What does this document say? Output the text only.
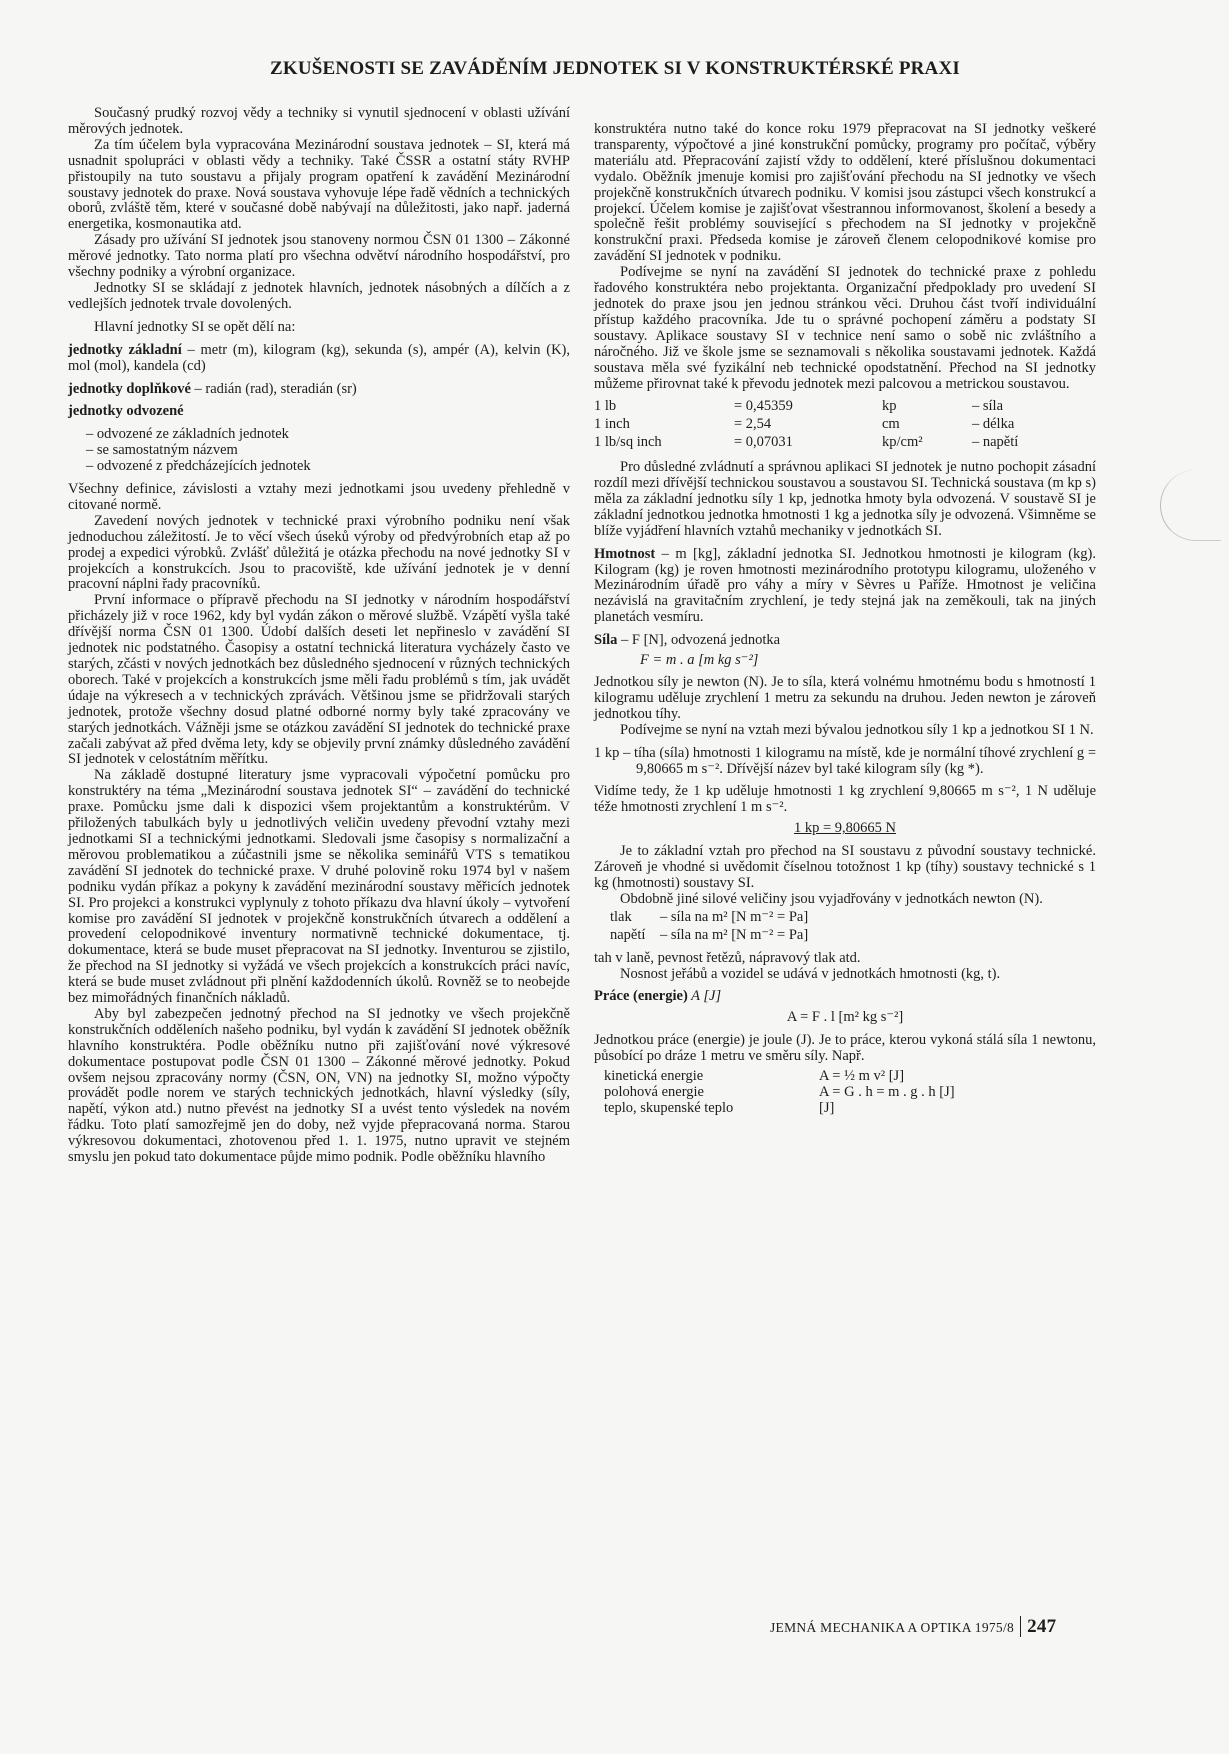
ZKUŠENOSTI SE ZAVÁDĚNÍM JEDNOTEK SI V KONSTRUKTÉRSKÉ PRAXI

Současný prudký rozvoj vědy a techniky si vynutil sjednocení v oblasti užívání měrových jednotek.

Za tím účelem byla vypracována Mezinárodní soustava jednotek – SI, která má usnadnit spolupráci v oblasti vědy a techniky. Také ČSSR a ostatní státy RVHP přistoupily na tuto soustavu a přijaly program opatření k zavádění Mezinárodní soustavy jednotek do praxe. Nová soustava vyhovuje lépe řadě vědních a technických oborů, zvláště těm, které v současné době nabývají na důležitosti, jako např. jaderná energetika, kosmonautika atd.

Zásady pro užívání SI jednotek jsou stanoveny normou ČSN 01 1300 – Zákonné měrové jednotky. Tato norma platí pro všechna odvětví národního hospodářství, pro všechny podniky a výrobní organizace.

Jednotky SI se skládají z jednotek hlavních, jednotek násobných a dílčích a z vedlejších jednotek trvale dovolených.

Hlavní jednotky SI se opět dělí na:

jednotky základní – metr (m), kilogram (kg), sekunda (s), ampér (A), kelvin (K), mol (mol), kandela (cd)

jednotky doplňkové – radián (rad), steradián (sr)

jednotky odvozené

– odvozené ze základních jednotek

– se samostatným názvem

– odvozené z předcházejících jednotek

Všechny definice, závislosti a vztahy mezi jednotkami jsou uvedeny přehledně v citované normě.

Zavedení nových jednotek v technické praxi výrobního podniku není však jednoduchou záležitostí. Je to věcí všech úseků výroby od předvýrobních etap až po prodej a expedici výrobků. Zvlášť důležitá je otázka přechodu na nové jednotky SI v projekcích a konstrukcích. Jsou to pracoviště, kde užívání jednotek je v denní pracovní náplni řady pracovníků.

První informace o přípravě přechodu na SI jednotky v národním hospodářství přicházely již v roce 1962, kdy byl vydán zákon o měrové službě. Vzápětí vyšla také dřívější norma ČSN 01 1300. Údobí dalších deseti let nepřineslo v zavádění SI jednotek nic podstatného. Časopisy a ostatní technická literatura vycházely často ve starých, zčásti v nových jednotkách bez důsledného sjednocení v různých technických oborech. Také v projekcích a konstrukcích jsme měli řadu problémů s tím, jak uvádět údaje na výkresech a v technických zprávách. Většinou jsme se přidržovali starých jednotek, protože všechny dosud platné odborné normy byly také zpracovány ve starých jednotkách. Vážněji jsme se otázkou zavádění SI jednotek do technické praxe začali zabývat až před dvěma lety, kdy se objevily první známky důsledného zavádění SI jednotek v celostátním měřítku.

Na základě dostupné literatury jsme vypracovali výpočetní pomůcku pro konstruktéry na téma „Mezinárodní soustava jednotek SI“ – zavádění do technické praxe. Pomůcku jsme dali k dispozici všem projektantům a konstruktérům. V přiložených tabulkách byly u jednotlivých veličin uvedeny převodní vztahy mezi jednotkami SI a technickými jednotkami. Sledovali jsme časopisy s normalizační a měrovou problematikou a zúčastnili jsme se několika seminářů VTS s tematikou zavádění SI jednotek do technické praxe. V druhé polovině roku 1974 byl v našem podniku vydán příkaz a pokyny k zavádění mezinárodní soustavy měřicích jednotek SI. Pro projekci a konstrukci vyplynuly z tohoto příkazu dva hlavní úkoly – vytvoření komise pro zavádění SI jednotek v projekčně konstrukčních útvarech a oddělení a provedení celopodnikové inventury normativně technické dokumentace, tj. dokumentace, která se bude muset přepracovat na SI jednotky. Inventurou se zjistilo, že přechod na SI jednotky si vyžádá ve všech projekcích a konstrukcích práci navíc, která se bude muset zvládnout při plnění každodenních úkolů. Rovněž se to neobejde bez mimořádných finančních nákladů.

Aby byl zabezpečen jednotný přechod na SI jednotky ve všech projekčně konstrukčních odděleních našeho podniku, byl vydán k zavádění SI jednotek oběžník hlavního konstruktéra. Podle oběžníku nutno při zajišťování nové výkresové dokumentace postupovat podle ČSN 01 1300 – Zákonné měrové jednotky. Pokud ovšem nejsou zpracovány normy (ČSN, ON, VN) na jednotky SI, možno výpočty provádět podle norem ve starých technických jednotkách, hlavní výsledky (síly, napětí, výkon atd.) nutno převést na jednotky SI a uvést tento výsledek na novém řádku. Toto platí samozřejmě jen do doby, než vyjde přepracovaná norma. Starou výkresovou dokumentaci, zhotovenou před 1. 1. 1975, nutno upravit ve stejném smyslu jen pokud tato dokumentace půjde mimo podnik. Podle oběžníku hlavního

konstruktéra nutno také do konce roku 1979 přepracovat na SI jednotky veškeré transparenty, výpočtové a jiné konstrukční pomůcky, programy pro počítač, výběry materiálu atd. Přepracování zajistí vždy to oddělení, které příslušnou dokumentaci vydalo. Oběžník jmenuje komisi pro zajišťování přechodu na SI jednotky ve všech projekčně konstrukčních útvarech podniku. V komisi jsou zástupci všech konstrukcí a projekcí. Účelem komise je zajišťovat všestrannou informovanost, školení a besedy a společně řešit problémy související s přechodem na SI jednotky v projekčně konstrukční praxi. Předseda komise je zároveň členem celopodnikové komise pro zavádění SI jednotek v podniku.

Podívejme se nyní na zavádění SI jednotek do technické praxe z pohledu řadového konstruktéra nebo projektanta. Organizační předpoklady pro uvedení SI jednotek do praxe jsou jen jednou stránkou věci. Druhou část tvoří individuální přístup každého pracovníka. Jde tu o správné pochopení záměru a podstaty SI soustavy. Aplikace soustavy SI v technice není samo o sobě nic zvláštního a náročného. Již ve škole jsme se seznamovali s několika soustavami jednotek. Každá soustava měla své fyzikální neb technické opodstatnění. Přechod na SI jednotky můžeme přirovnat také k převodu jednotek mezi palcovou a metrickou soustavou.

1 lb	= 0,45359	kp	– síla
1 inch	= 2,54	cm	– délka
1 lb/sq inch	= 0,07031	kp/cm²	– napětí

Pro důsledné zvládnutí a správnou aplikaci SI jednotek je nutno pochopit zásadní rozdíl mezi dřívější technickou soustavou a soustavou SI. Technická soustava (m kp s) měla za základní jednotku síly 1 kp, jednotka hmoty byla odvozená. V soustavě SI je základní jednotkou jednotka hmotnosti 1 kg a jednotka síly je odvozená. Všimněme se blíže vyjádření hlavních vztahů mechaniky v jednotkách SI.

Hmotnost – m [kg], základní jednotka SI. Jednotkou hmotnosti je kilogram (kg). Kilogram (kg) je roven hmotnosti mezinárodního prototypu kilogramu, uloženého v Mezinárodním úřadě pro váhy a míry v Sèvres u Paříže. Hmotnost je veličina nezávislá na gravitačním zrychlení, je tedy stejná jak na zeměkouli, tak na jiných planetách vesmíru.

Síla – F [N], odvozená jednotka

F = m . a [m kg s⁻²]

Jednotkou síly je newton (N). Je to síla, která volnému hmotnému bodu s hmotností 1 kilogramu uděluje zrychlení 1 metru za sekundu na druhou. Jeden newton je zároveň jednotkou tíhy.

Podívejme se nyní na vztah mezi bývalou jednotkou síly 1 kp a jednotkou SI 1 N.

1 kp – tíha (síla) hmotnosti 1 kilogramu na místě, kde je normální tíhové zrychlení g = 9,80665 m s⁻². Dřívější název byl také kilogram síly (kg *).

Vidíme tedy, že 1 kp uděluje hmotnosti 1 kg zrychlení 9,80665 m s⁻², 1 N uděluje téže hmotnosti zrychlení 1 m s⁻².

1 kp = 9,80665 N

Je to základní vztah pro přechod na SI soustavu z původní soustavy technické. Zároveň je vhodné si uvědomit číselnou totožnost 1 kp (tíhy) soustavy technické s 1 kg (hmotnosti) soustavy SI.

Obdobně jiné silové veličiny jsou vyjadřovány v jednotkách newton (N).

tlak – síla na m² [N m⁻² = Pa]
napětí – síla na m² [N m⁻² = Pa]

tah v laně, pevnost řetězů, nápravový tlak atd.

Nosnost jeřábů a vozidel se udává v jednotkách hmotnosti (kg, t).

Práce (energie) A [J]

A = F . l [m² kg s⁻²]

Jednotkou práce (energie) je joule (J). Je to práce, kterou vykoná stálá síla 1 newtonu, působící po dráze 1 metru ve směru síly. Např.

kinetická energie	A = ½ m v² [J]
polohová energie	A = G . h = m . g . h [J]
teplo, skupenské teplo	[J]
JEMNÁ MECHANIKA A OPTIKA 1975/8 247
